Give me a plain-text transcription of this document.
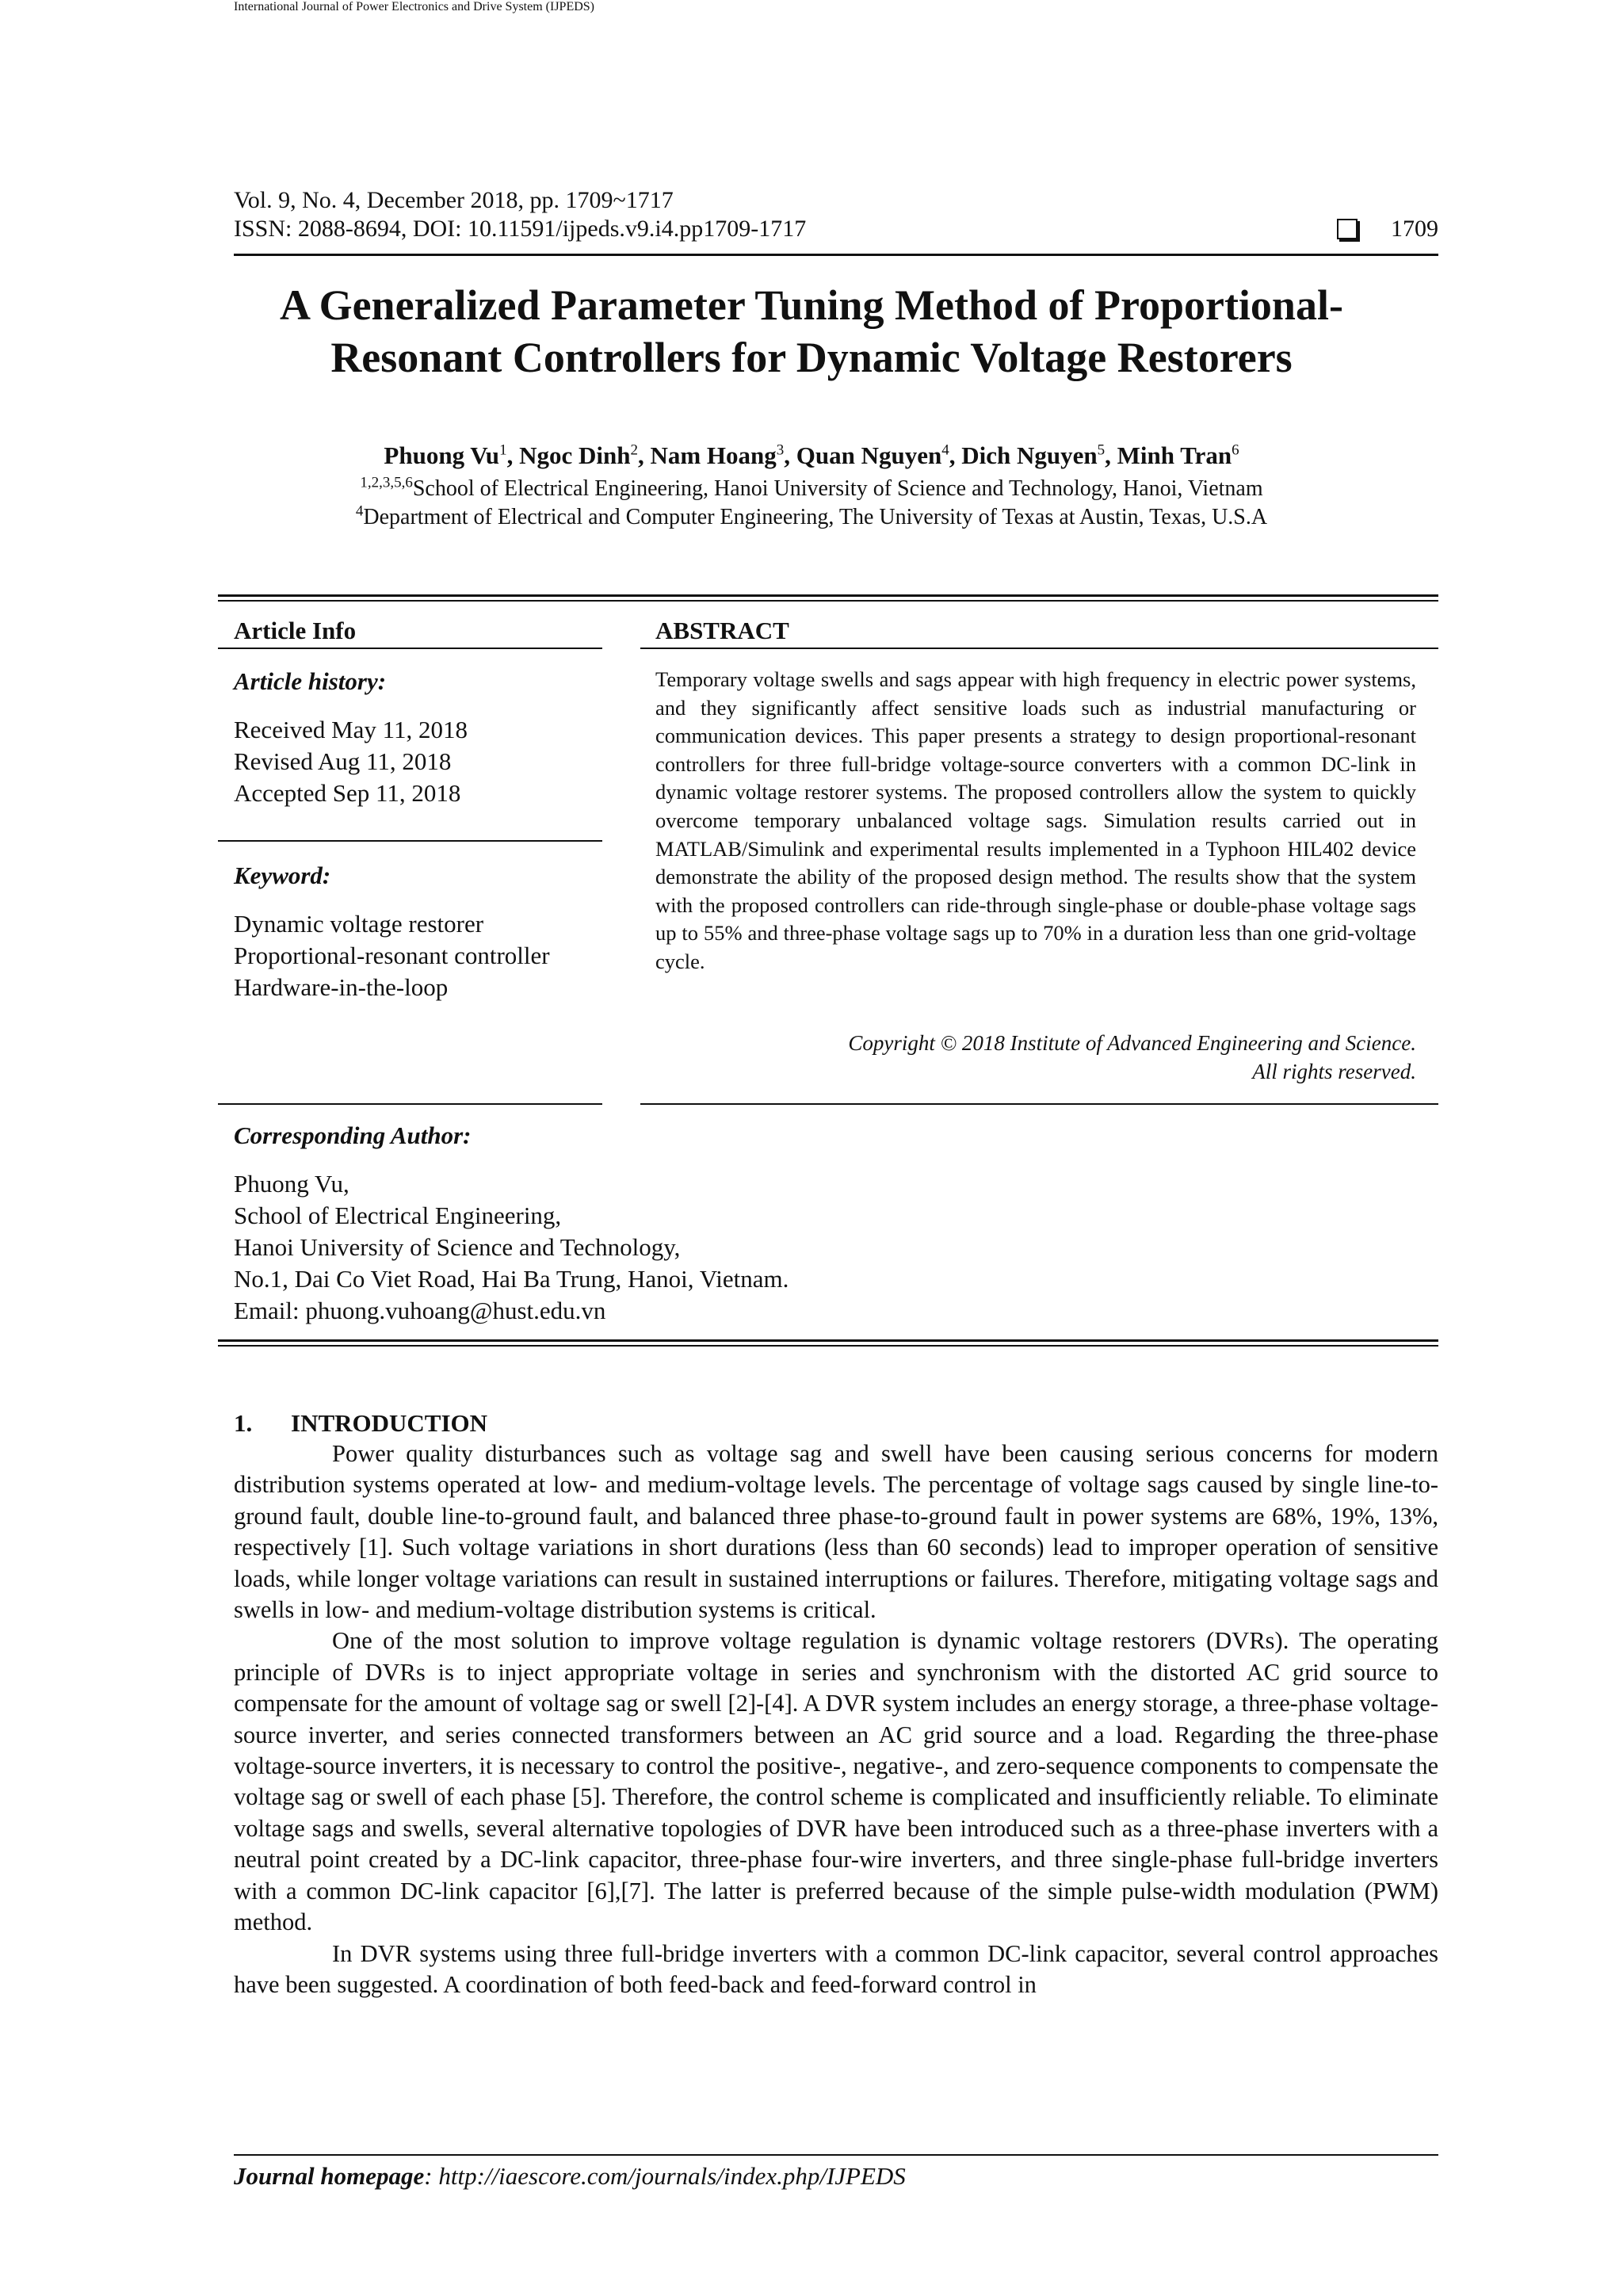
International Journal of Power Electronics and Drive System (IJPEDS)
Vol. 9, No. 4, December 2018, pp. 1709~1717
ISSN: 2088-8694, DOI: 10.11591/ijpeds.v9.i4.pp1709-1717	1709
A Generalized Parameter Tuning Method of Proportional-
Resonant Controllers for Dynamic Voltage Restorers
Phuong Vu$^1$, Ngoc Dinh$^2$, Nam Hoang$^3$, Quan Nguyen$^4$, Dich Nguyen$^5$, Minh Tran$^6$
$^{1,2,3,5,6}$School of Electrical Engineering, Hanoi University of Science and Technology, Hanoi, Vietnam
$^4$Department of Electrical and Computer Engineering, The University of Texas at Austin, Texas, U.S.A
Article Info
Article history:
Received May 11, 2018
Revised Aug 11, 2018
Accepted Sep 11, 2018
Keyword:
Dynamic voltage restorer
Proportional-resonant controller
Hardware-in-the-loop
ABSTRACT
Temporary voltage swells and sags appear with high frequency in electric power systems, and they significantly affect sensitive loads such as industrial manufacturing or communication devices. This paper presents a strategy to design proportional-resonant controllers for three full-bridge voltage-source converters with a common DC-link in dynamic voltage restorer systems. The proposed controllers allow the system to quickly overcome temporary unbalanced voltage sags. Simulation results carried out in MATLAB/Simulink and experimental results implemented in a Typhoon HIL402 device demonstrate the ability of the proposed design method. The results show that the system with the proposed controllers can ride-through single-phase or double-phase voltage sags up to 55% and three-phase voltage sags up to 70% in a duration less than one grid-voltage cycle.
Copyright © 2018 Institute of Advanced Engineering and Science.
All rights reserved.
Corresponding Author:
Phuong Vu,
School of Electrical Engineering,
Hanoi University of Science and Technology,
No.1, Dai Co Viet Road, Hai Ba Trung, Hanoi, Vietnam.
Email: phuong.vuhoang@hust.edu.vn
1. INTRODUCTION

Power quality disturbances such as voltage sag and swell have been causing serious concerns for modern distribution systems operated at low- and medium-voltage levels. The percentage of voltage sags caused by single line-to-ground fault, double line-to-ground fault, and balanced three phase-to-ground fault in power systems are 68%, 19%, 13%, respectively [1]. Such voltage variations in short durations (less than 60 seconds) lead to improper operation of sensitive loads, while longer voltage variations can result in sustained interruptions or failures. Therefore, mitigating voltage sags and swells in low- and medium-voltage distribution systems is critical.

One of the most solution to improve voltage regulation is dynamic voltage restorers (DVRs). The operating principle of DVRs is to inject appropriate voltage in series and synchronism with the distorted AC grid source to compensate for the amount of voltage sag or swell [2]-[4]. A DVR system includes an energy storage, a three-phase voltage-source inverter, and series connected transformers between an AC grid source and a load. Regarding the three-phase voltage-source inverters, it is necessary to control the positive-, negative-, and zero-sequence components to compensate the voltage sag or swell of each phase [5]. Therefore, the control scheme is complicated and insufficiently reliable. To eliminate voltage sags and swells, several alternative topologies of DVR have been introduced such as a three-phase inverters with a neutral point created by a DC-link capacitor, three-phase four-wire inverters, and three single-phase full-bridge inverters with a common DC-link capacitor [6],[7]. The latter is preferred because of the simple pulse-width modulation (PWM) method.

In DVR systems using three full-bridge inverters with a common DC-link capacitor, several control approaches have been suggested. A coordination of both feed-back and feed-forward control in

Journal homepage: http://iaescore.com/journals/index.php/IJPEDS
